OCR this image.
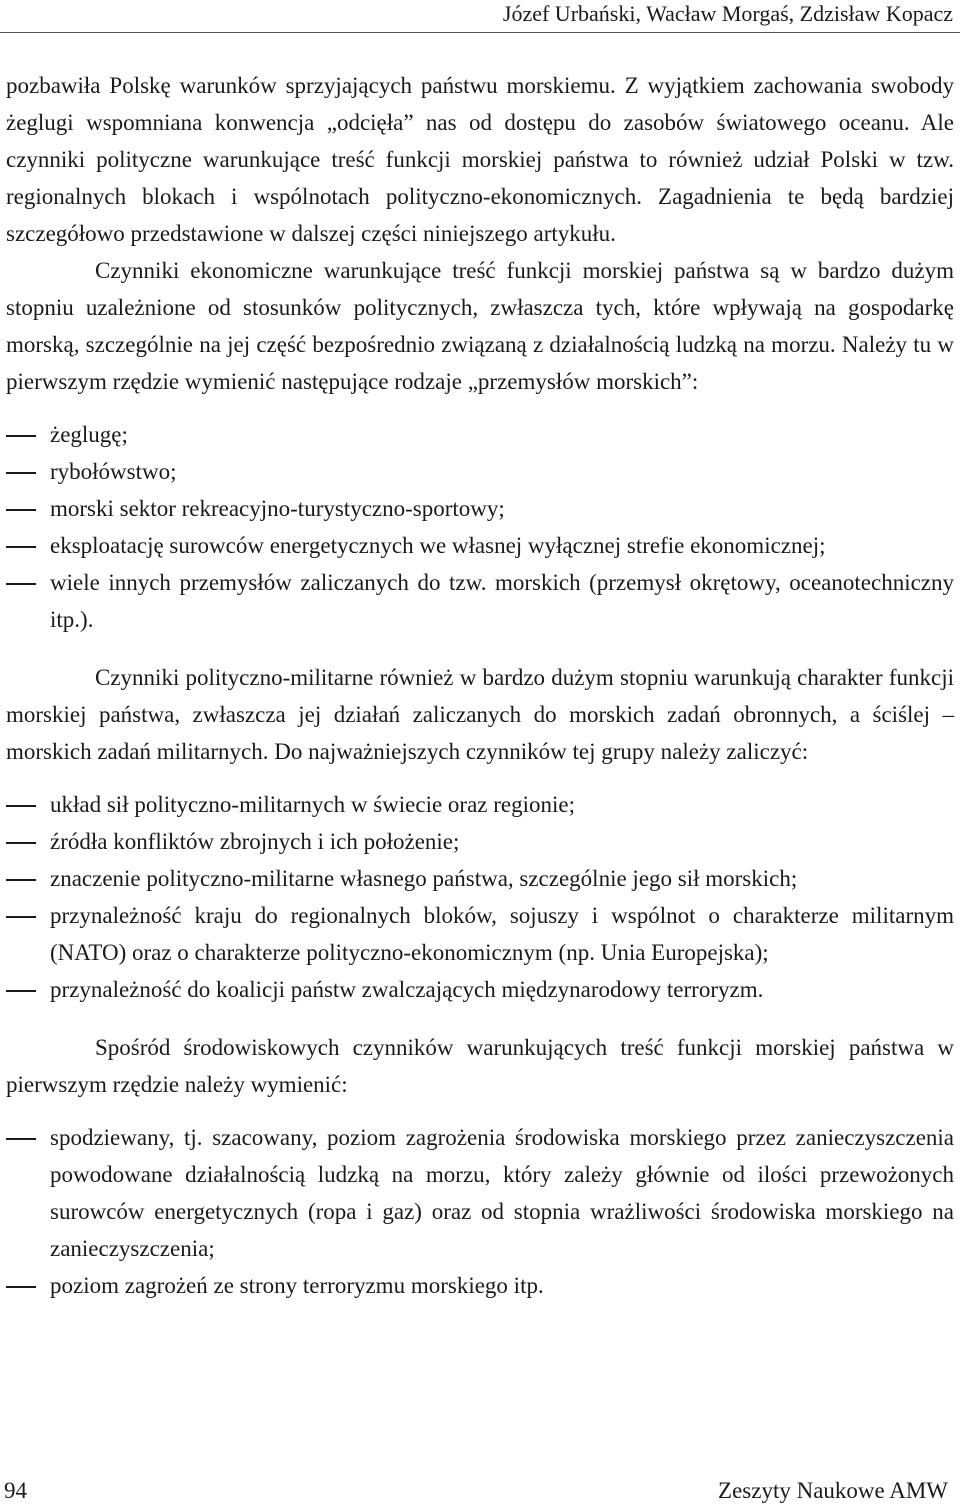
Józef Urbański, Wacław Morgaś, Zdzisław Kopacz

pozbawiła Polskę warunków sprzyjających państwu morskiemu. Z wyjątkiem zachowania swobody żeglugi wspomniana konwencja „odcięła” nas od dostępu do zasobów światowego oceanu. Ale czynniki polityczne warunkujące treść funkcji morskiej państwa to również udział Polski w tzw. regionalnych blokach i wspólnotach polityczno-ekonomicznych. Zagadnienia te będą bardziej szczegółowo przedstawione w dalszej części niniejszego artykułu.

Czynniki ekonomiczne warunkujące treść funkcji morskiej państwa są w bardzo dużym stopniu uzależnione od stosunków politycznych, zwłaszcza tych, które wpływają na gospodarkę morską, szczególnie na jej część bezpośrednio związaną z działalnością ludzką na morzu. Należy tu w pierwszym rzędzie wymienić następujące rodzaje „przemysłów morskich”:

żeglugę;
rybołówstwo;
morski sektor rekreacyjno-turystyczno-sportowy;
eksploatację surowców energetycznych we własnej wyłącznej strefie ekonomicznej;
wiele innych przemysłów zaliczanych do tzw. morskich (przemysł okrętowy, oceanotechniczny itp.).

Czynniki polityczno-militarne również w bardzo dużym stopniu warunkują charakter funkcji morskiej państwa, zwłaszcza jej działań zaliczanych do morskich zadań obronnych, a ściślej – morskich zadań militarnych. Do najważniejszych czynników tej grupy należy zaliczyć:

układ sił polityczno-militarnych w świecie oraz regionie;
źródła konfliktów zbrojnych i ich położenie;
znaczenie polityczno-militarne własnego państwa, szczególnie jego sił morskich;
przynależność kraju do regionalnych bloków, sojuszy i wspólnot o charakterze militarnym (NATO) oraz o charakterze polityczno-ekonomicznym (np. Unia Europejska);
przynależność do koalicji państw zwalczających międzynarodowy terroryzm.

Spośród środowiskowych czynników warunkujących treść funkcji morskiej państwa w pierwszym rzędzie należy wymienić:

spodziewany, tj. szacowany, poziom zagrożenia środowiska morskiego przez zanieczyszczenia powodowane działalnością ludzką na morzu, który zależy głównie od ilości przewożonych surowców energetycznych (ropa i gaz) oraz od stopnia wrażliwości środowiska morskiego na zanieczyszczenia;
poziom zagrożeń ze strony terroryzmu morskiego itp.
94	Zeszyty Naukowe AMW
